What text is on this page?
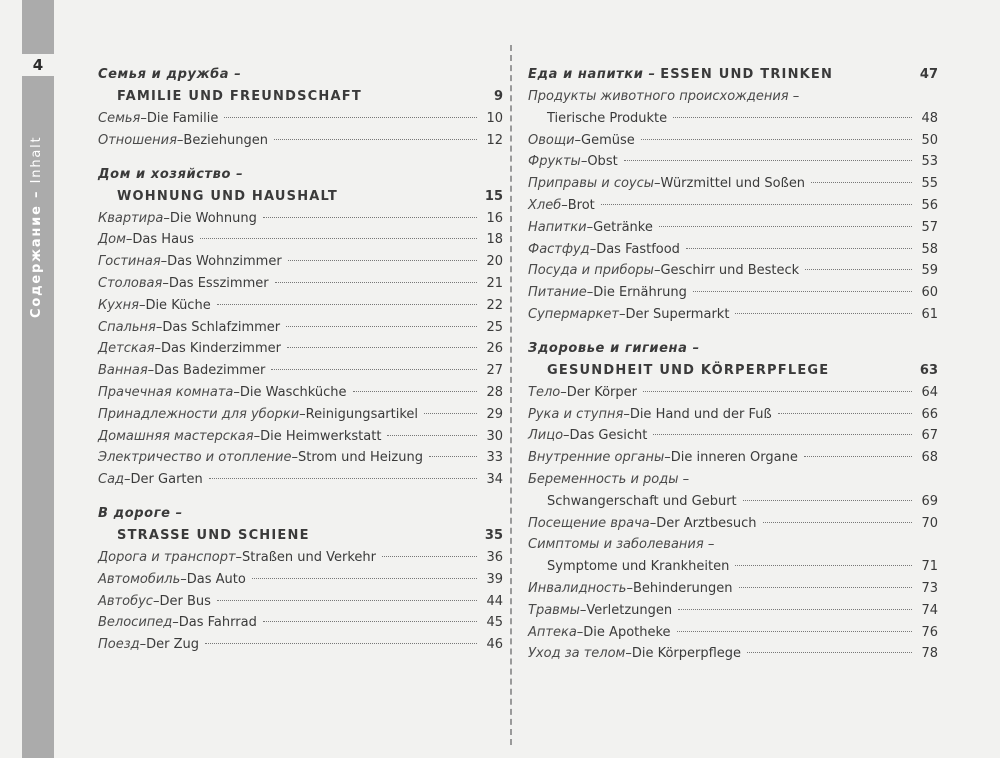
4
Содержание – Inhalt
Семья и дружба –
FAMILIE UND FREUNDSCHAFT	9
Семья – Die Familie	10
Отношения – Beziehungen	12
Дом и хозяйство –
WOHNUNG UND HAUSHALT	15
Квартира – Die Wohnung	16
Дом – Das Haus	18
Гостиная – Das Wohnzimmer	20
Столовая – Das Esszimmer	21
Кухня – Die Küche	22
Спальня – Das Schlafzimmer	25
Детская – Das Kinderzimmer	26
Ванная – Das Badezimmer	27
Прачечная комната – Die Waschküche	28
Принадлежности для уборки – Reinigungsartikel	29
Домашняя мастерская – Die Heimwerkstatt	30
Электричество и отопление – Strom und Heizung	33
Сад – Der Garten	34
В дороге –
STRASSE UND SCHIENE	35
Дорога и транспорт – Straßen und Verkehr	36
Автомобиль – Das Auto	39
Автобус – Der Bus	44
Велосипед – Das Fahrrad	45
Поезд – Der Zug	46
Еда и напитки – ESSEN UND TRINKEN	47
Продукты животного происхождения –
Tierische Produkte	48
Овощи – Gemüse	50
Фрукты – Obst	53
Приправы и соусы – Würzmittel und Soßen	55
Хлеб – Brot	56
Напитки – Getränke	57
Фастфуд – Das Fastfood	58
Посуда и приборы – Geschirr und Besteck	59
Питание – Die Ernährung	60
Супермаркет – Der Supermarkt	61
Здоровье и гигиена –
GESUNDHEIT UND KÖRPERPFLEGE	63
Тело – Der Körper	64
Рука и ступня – Die Hand und der Fuß	66
Лицо – Das Gesicht	67
Внутренние органы – Die inneren Organe	68
Беременность и роды –
Schwangerschaft und Geburt	69
Посещение врача – Der Arztbesuch	70
Симптомы и заболевания –
Symptome und Krankheiten	71
Инвалидность – Behinderungen	73
Травмы – Verletzungen	74
Аптека – Die Apotheke	76
Уход за телом – Die Körperpflege	78
